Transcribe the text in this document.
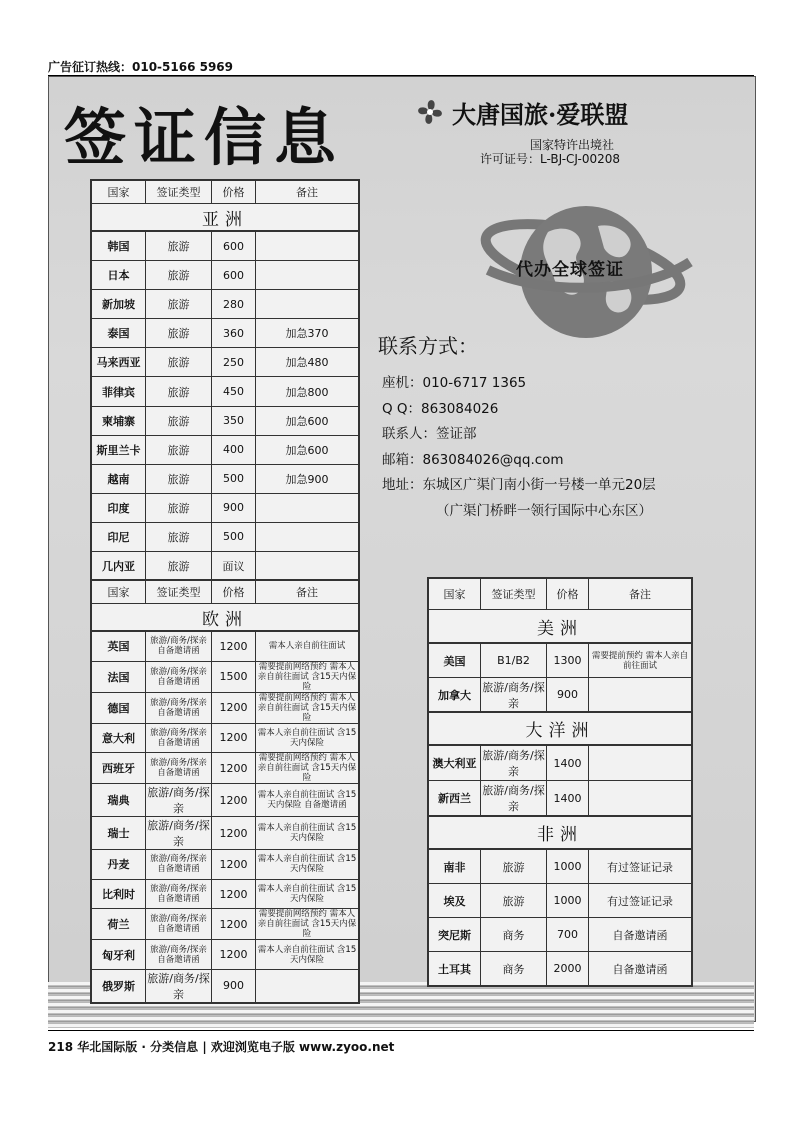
广告征订热线：010-5166 5969
签证信息	大唐国旅·爱联盟
国家特许出境社
许可证号：L-BJ-CJ-00208
代办全球签证
联系方式：
座机：010-6717 1365
Q Q：863084026
联系人：签证部
邮箱：863084026@qq.com
地址：东城区广渠门南小街一号楼一单元20层
（广渠门桥畔一领行国际中心东区）
国家	签证类型	价格	备注
亚洲
韩国	旅游	600	
日本	旅游	600	
新加坡	旅游	280	
泰国	旅游	360	加急370
马来西亚	旅游	250	加急480
菲律宾	旅游	450	加急800
柬埔寨	旅游	350	加急600
斯里兰卡	旅游	400	加急600
越南	旅游	500	加急900
印度	旅游	900	
印尼	旅游	500	
几内亚	旅游	面议	
国家	签证类型	价格	备注
欧洲
英国	旅游/商务/探亲 自备邀请函	1200	需本人亲自前往面试
法国	旅游/商务/探亲 自备邀请函	1500	需要提前网络预约 需本人亲自前往面试 含15天内保险
德国	旅游/商务/探亲 自备邀请函	1200	需要提前网络预约 需本人亲自前往面试 含15天内保险
意大利	旅游/商务/探亲 自备邀请函	1200	需本人亲自前往面试 含15天内保险
西班牙	旅游/商务/探亲 自备邀请函	1200	需要提前网络预约 需本人亲自前往面试 含15天内保险
瑞典	旅游/商务/探亲	1200	需本人亲自前往面试 含15天内保险 自备邀请函
瑞士	旅游/商务/探亲	1200	需本人亲自前往面试 含15天内保险
丹麦	旅游/商务/探亲 自备邀请函	1200	需本人亲自前往面试 含15天内保险
比利时	旅游/商务/探亲 自备邀请函	1200	需本人亲自前往面试 含15天内保险
荷兰	旅游/商务/探亲 自备邀请函	1200	需要提前网络预约 需本人亲自前往面试 含15天内保险
匈牙利	旅游/商务/探亲 自备邀请函	1200	需本人亲自前往面试 含15天内保险
俄罗斯	旅游/商务/探亲	900	
国家	签证类型	价格	备注
美洲
美国	B1/B2	1300	需要提前预约 需本人亲自前往面试
加拿大	旅游/商务/探亲	900	
大洋洲
澳大利亚	旅游/商务/探亲	1400	
新西兰	旅游/商务/探亲	1400	
非洲
南非	旅游	1000	有过签证记录
埃及	旅游	1000	有过签证记录
突尼斯	商务	700	自备邀请函
土耳其	商务	2000	自备邀请函
218 华北国际版 · 分类信息 | 欢迎浏览电子版 www.zyoo.net
